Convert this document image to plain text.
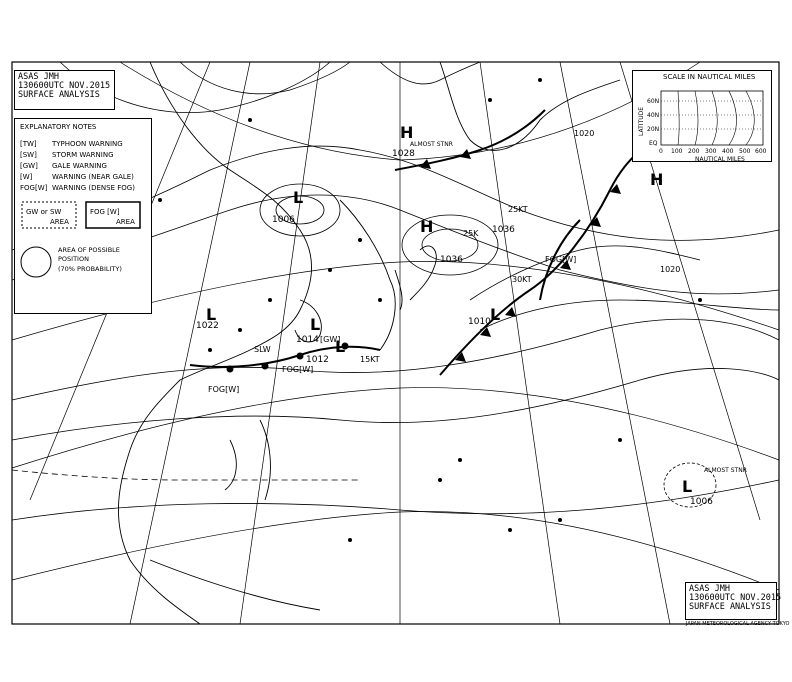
H
1036
H
1028
ALMOST STNR
L
1006
L
1014 [GW]
L
1012
L
1022
L
1010
L
1006
ALMOST STNR
H
1036
FOG[W]
FOG[W]
FOG[W]
SLW
15KT
25K
25KT
30KT
1020
1020
ASAS JMH
130600UTC NOV.2015
SURFACE ANALYSIS
EXPLANATORY NOTES
[TW]	TYPHOON WARNING
[SW]	STORM WARNING
[GW]	GALE WARNING
[W]	WARNING (NEAR GALE)
FOG[W] WARNING (DENSE FOG)
GW or SW
AREA
FOG [W]
AREA
AREA OF POSSIBLE
POSITION
(70% PROBABILITY)
SCALE IN NAUTICAL MILES
LATITUDE
60N
40N
20N
EQ
0 100 200 300 400 500 600
NAUTICAL MILES
ASAS JMH
130600UTC NOV.2015
SURFACE ANALYSIS
JAPAN METEOROLOGICAL AGENCY TOKYO
